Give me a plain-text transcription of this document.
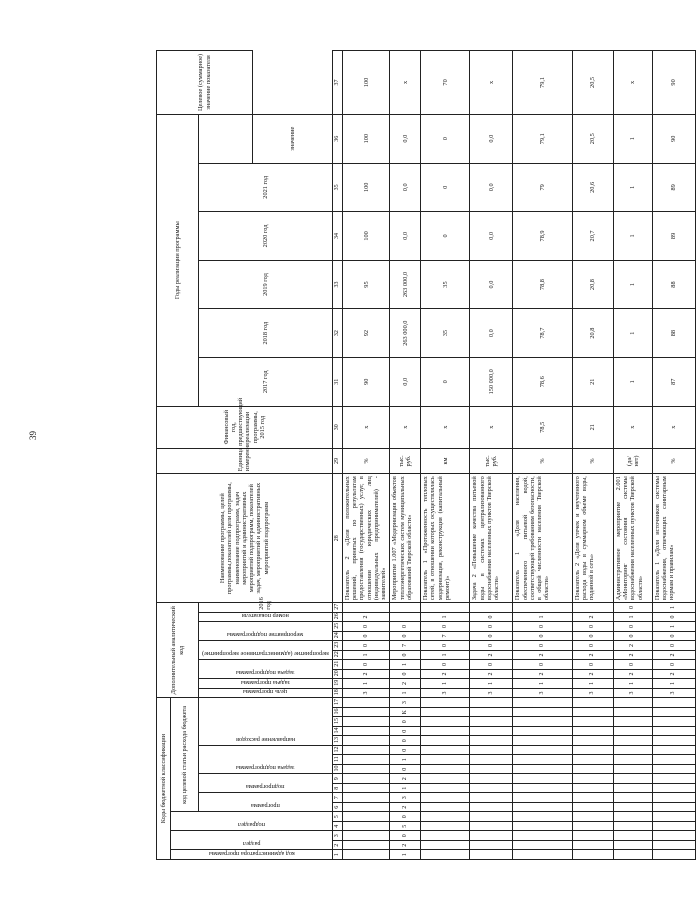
39
Коды бюджетной классификации																	Дополнительный аналитический код										Наименование программы, целей программы,показателей цели программы, наименование подпрограмм, задач мероприятий и административных мероприятий подпрограмм, показателей задач, мероприятий и административных мероприятий подпрограмм	Единица измерения	Финансовый год, предшествующий реализации программы, 2015 год	Годы реализации программы						Целевое (суммарное) значение показателя

код администратора программы	раздел		подраздел		код целевой статьи расхода бюджета																															

					программа		подпрограмма		задача подпрограммы			направление расходов					цель программы	задача программы	задача подпрограммы		мероприятие (административное мероприятие)		мероприятие подпрограммы		номер показателя	2016 год				2017 год	2018 год	2019 год	2020 год	2021 год		
																																			значение	
1	2	3	4	5	6	7	8	9	10	11	12	13	14	15	16	17	18	19	20	21	22	23	24	25	26	27	28	29	30	31	32	33	34	35	36	37
																	3	1	2	0	1	0	0	0	2		Показатель 2 «Доля положительных решений, принятых по результатам предоставления (государственных) услуг, в отношении юридических лиц (индивидуальных предпринимателей) - заявителей»	%	х	90	92	95	100	100	100	100
1	2	0	5	0	2	3	1	2	0	1	0	0	0	0	К	3	1	2	0	1	0	7	0	0			Мероприятие 1.007 «Модернизация объектов теплоэнергетических систем муниципальных образований Тверской области»	тыс. руб.	х	0,0	263 000,0	263 000,0	0,0	0,0	0,0	х
																	3	1	2	0	1	0	7	0	1		Показатель 1 «Протяженность тепловых сетей, в отношении которых осуществлялась модернизация, реконструкция (капитальный ремонт)»	км	х	0	35	35	0	0	0	70
																	3	1	2	0	2	0	0	0	0		Задача 2 «Повышение качества питьевой воды в системах централизованного водоснабжения населенных пунктов Тверской области»	тыс. руб.	х	150 000,0	0,0	0,0	0,0	0,0	0,0	х
																	3	1	2	0	2	0	0	0	1		Показатель 1 «Доля населения, обеспеченного питьевой водой, соответствующей требованиям безопасности, в общей численности населения Тверской области»	%	78,5	78,6	78,7	78,8	78,9	79	79,1	79,1
																	3	1	2	0	2	0	0	0	2		Показатель 2 «Доля утечек и неучтенного расхода воды в суммарном объеме воды, поданной в сеть»	%	21	21	20,8	20,8	20,7	20,6	20,5	20,5
																	3	1	2	0	2	2	0	0	1	0	Административное мероприятие 2.001 «Мониторинг состояния системы водоснабжения населенных пунктов Тверской области»	(да/нет)	х	1	1	1	1	1	1	х
																	3	1	2	0	2	0	0	1	0	1	Показатель 1 «Доля источников системы водоснабжения, отвечающих санитарным нормам и правилам»	%	х	87	88	88	89	89	90	90
